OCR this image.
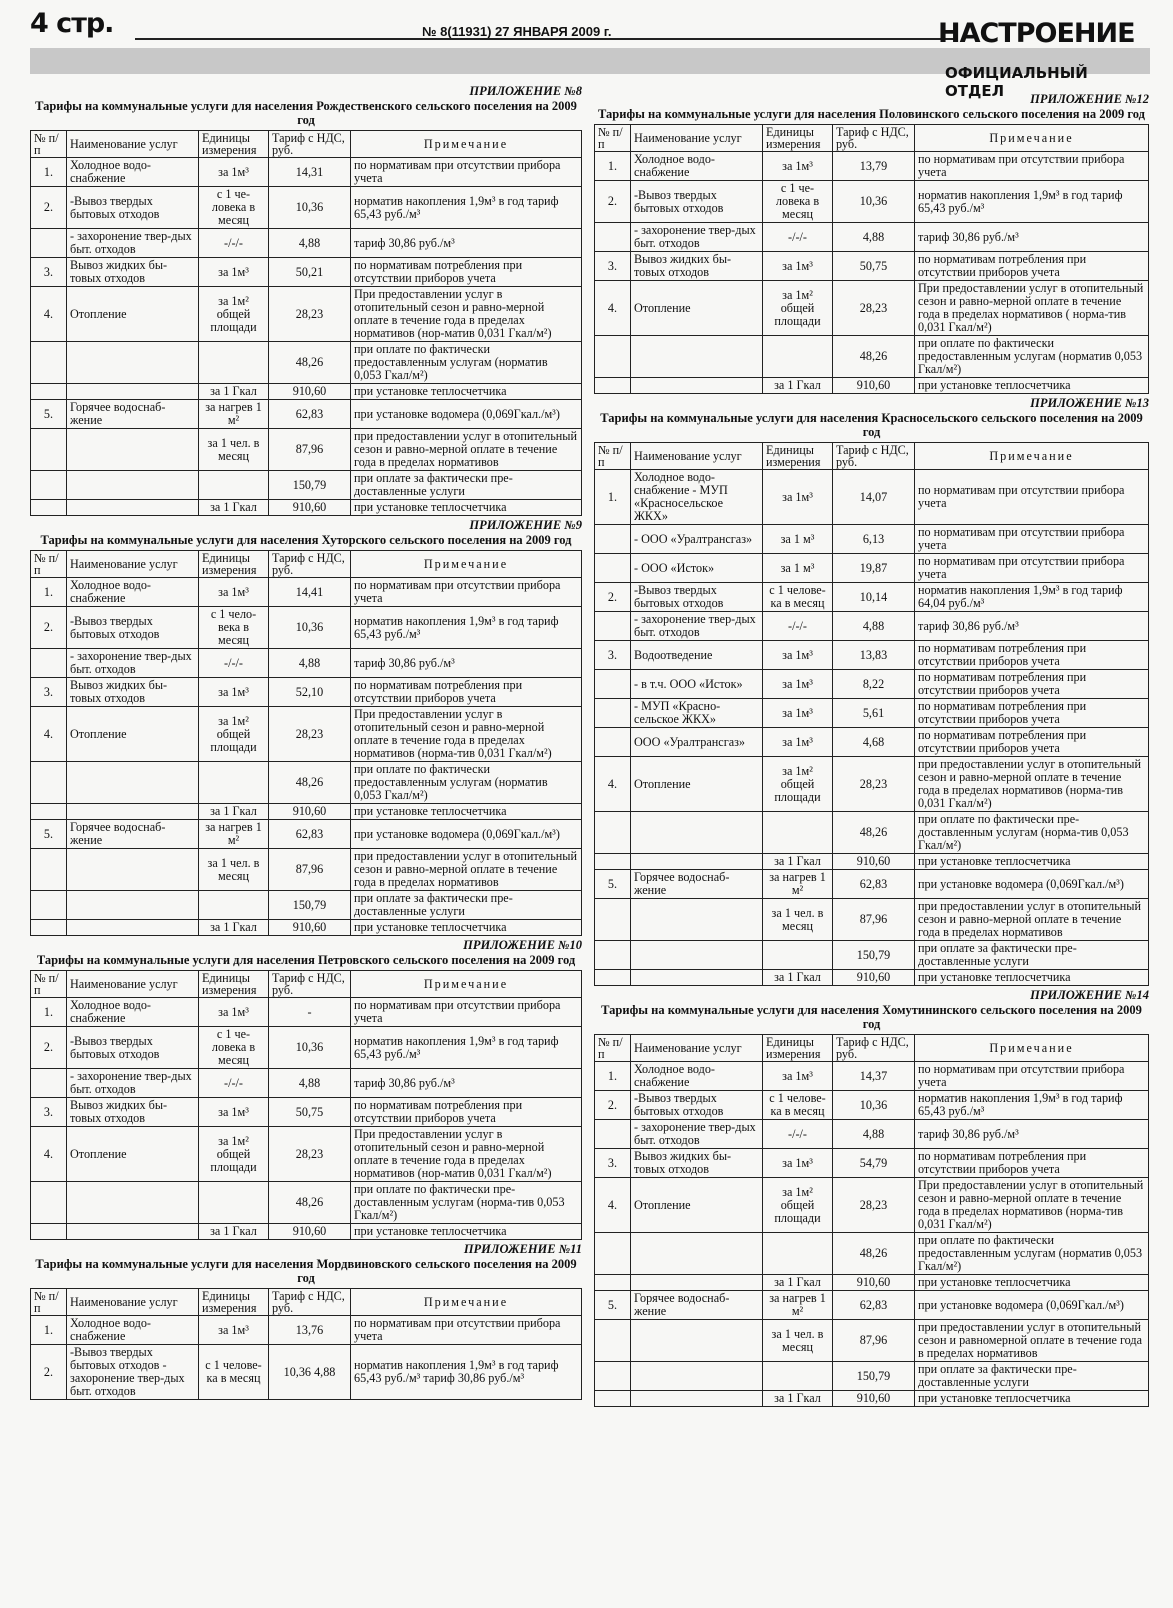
4 стр.	№ 8(11931) 27 ЯНВАРЯ 2009 г.	НАСТРОЕНИЕ
ОФИЦИАЛЬНЫЙ ОТДЕЛ
ПРИЛОЖЕНИЕ №8
Тарифы на коммунальные услуги для населения Рождественского сельского поселения на 2009 год
№ п/п	Наименование услуг	Единицы измерения	Тариф с НДС, руб.	Примечание
1.	Холодное водо-снабжение	за 1м³	14,31	по нормативам при отсутствии прибора учета
2.	-Вывоз твердых бытовых отходов	с 1 че-ловека в месяц	10,36	норматив накопления 1,9м³ в год тариф 65,43 руб./м³
	- захоронение твер-дых быт. отходов	-/-/-	4,88	тариф 30,86 руб./м³
3.	Вывоз жидких бы-товых отходов	за 1м³	50,21	по нормативам потребления при отсутствии приборов учета
4.	Отопление	за 1м² общей площади	28,23	При предоставлении услуг в отопительный сезон и равно-мерной оплате в течение года в пределах нормативов (нор-матив 0,031 Гкал/м²)
			48,26	при оплате по фактически предоставленным услугам (норматив 0,053 Гкал/м²)
		за 1 Гкал	910,60	при установке теплосчетчика
5.	Горячее водоснаб-жение	за нагрев 1 м²	62,83	при установке водомера (0,069Гкал./м³)
		за 1 чел. в месяц	87,96	при предоставлении услуг в отопительный сезон и равно-мерной оплате в течение года в пределах нормативов
			150,79	при оплате за фактически пре-доставленные услуги
		за 1 Гкал	910,60	при установке теплосчетчика
ПРИЛОЖЕНИЕ №9
Тарифы на коммунальные услуги для населения Хуторского сельского поселения на 2009 год
№ п/п	Наименование услуг	Единицы измерения	Тариф с НДС, руб.	Примечание
1.	Холодное водо-снабжение	за 1м³	14,41	по нормативам при отсутствии прибора учета
2.	-Вывоз твердых бытовых отходов	с 1 чело-века в месяц	10,36	норматив накопления 1,9м³ в год тариф 65,43 руб./м³
	- захоронение твер-дых быт. отходов	-/-/-	4,88	тариф 30,86 руб./м³
3.	Вывоз жидких бы-товых отходов	за 1м³	52,10	по нормативам потребления при отсутствии приборов учета
4.	Отопление	за 1м² общей площади	28,23	При предоставлении услуг в отопительный сезон и равно-мерной оплате в течение года в пределах нормативов (норма-тив 0,031 Гкал/м²)
			48,26	при оплате по фактически предоставленным услугам (норматив 0,053 Гкал/м²)
		за 1 Гкал	910,60	при установке теплосчетчика
5.	Горячее водоснаб-жение	за нагрев 1 м²	62,83	при установке водомера (0,069Гкал./м³)
		за 1 чел. в месяц	87,96	при предоставлении услуг в отопительный сезон и равно-мерной оплате в течение года в пределах нормативов
			150,79	при оплате за фактически пре-доставленные услуги
		за 1 Гкал	910,60	при установке теплосчетчика
ПРИЛОЖЕНИЕ №10
Тарифы на коммунальные услуги для населения Петровского сельского поселения на 2009 год
№ п/п	Наименование услуг	Единицы измерения	Тариф с НДС, руб.	Примечание
1.	Холодное водо-снабжение	за 1м³	-	по нормативам при отсутствии прибора учета
2.	-Вывоз твердых бытовых отходов	с 1 че-ловека в месяц	10,36	норматив накопления 1,9м³ в год тариф 65,43 руб./м³
	- захоронение твер-дых быт. отходов	-/-/-	4,88	тариф 30,86 руб./м³
3.	Вывоз жидких бы-товых отходов	за 1м³	50,75	по нормативам потребления при отсутствии приборов учета
4.	Отопление	за 1м² общей площади	28,23	При предоставлении услуг в отопительный сезон и равно-мерной оплате в течение года в пределах нормативов (нор-матив 0,031 Гкал/м²)
			48,26	при оплате по фактически пре-доставленным услугам (норма-тив 0,053 Гкал/м²)
		за 1 Гкал	910,60	при установке теплосчетчика
ПРИЛОЖЕНИЕ №11
Тарифы на коммунальные услуги для населения Мордвиновского сельского поселения на 2009 год
№ п/п	Наименование услуг	Единицы измерения	Тариф с НДС, руб.	Примечание
1.	Холодное водо-снабжение	за 1м³	13,76	по нормативам при отсутствии прибора учета
2.	-Вывоз твердых бытовых отходов - захоронение твер-дых быт. отходов	с 1 челове-ка в месяц	10,36 4,88	норматив накопления 1,9м³ в год тариф 65,43 руб./м³ тариф 30,86 руб./м³
ПРИЛОЖЕНИЕ №12
Тарифы на коммунальные услуги для населения Половинского сельского поселения на 2009 год
№ п/п	Наименование услуг	Единицы измерения	Тариф с НДС, руб.	Примечание
1.	Холодное водо-снабжение	за 1м³	13,79	по нормативам при отсутствии прибора учета
2.	-Вывоз твердых бытовых отходов	с 1 че-ловека в месяц	10,36	норматив накопления 1,9м³ в год тариф 65,43 руб./м³
	- захоронение твер-дых быт. отходов	-/-/-	4,88	тариф 30,86 руб./м³
3.	Вывоз жидких бы-товых отходов	за 1м³	50,75	по нормативам потребления при отсутствии приборов учета
4.	Отопление	за 1м² общей площади	28,23	При предоставлении услуг в отопительный сезон и равно-мерной оплате в течение года в пределах нормативов ( норма-тив 0,031 Гкал/м²)
			48,26	при оплате по фактически предоставленным услугам (норматив 0,053 Гкал/м²)
		за 1 Гкал	910,60	при установке теплосчетчика
ПРИЛОЖЕНИЕ №13
Тарифы на коммунальные услуги для населения Красносельского сельского поселения на 2009 год
№ п/п	Наименование услуг	Единицы измерения	Тариф с НДС, руб.	Примечание
1.	Холодное водо-снабжение - МУП «Красносельское ЖКХ»	за 1м³	14,07	по нормативам при отсутствии прибора учета
	- ООО «Уралтрансгаз»	за 1 м³	6,13	по нормативам при отсутствии прибора учета
	- ООО «Исток»	за 1 м³	19,87	по нормативам при отсутствии прибора учета
2.	-Вывоз твердых бытовых отходов	с 1 челове-ка в месяц	10,14	норматив накопления 1,9м³ в год тариф 64,04 руб./м³
	- захоронение твер-дых быт. отходов	-/-/-	4,88	тариф 30,86 руб./м³
3.	Водоотведение	за 1м³	13,83	по нормативам потребления при отсутствии приборов учета
	- в т.ч. ООО «Исток»	за 1м³	8,22	по нормативам потребления при отсутствии приборов учета
	- МУП «Красно-сельское ЖКХ»	за 1м³	5,61	по нормативам потребления при отсутствии приборов учета
	ООО «Уралтрансгаз»	за 1м³	4,68	по нормативам потребления при отсутствии приборов учета
4.	Отопление	за 1м² общей площади	28,23	при предоставлении услуг в отопительный сезон и равно-мерной оплате в течение года в пределах нормативов (норма-тив 0,031 Гкал/м²)
			48,26	при оплате по фактически пре-доставленным услугам (норма-тив 0,053 Гкал/м²)
		за 1 Гкал	910,60	при установке теплосчетчика
5.	Горячее водоснаб-жение	за нагрев 1 м²	62,83	при установке водомера (0,069Гкал./м³)
		за 1 чел. в месяц	87,96	при предоставлении услуг в отопительный сезон и равно-мерной оплате в течение года в пределах нормативов
			150,79	при оплате за фактически пре-доставленные услуги
		за 1 Гкал	910,60	при установке теплосчетчика
ПРИЛОЖЕНИЕ №14
Тарифы на коммунальные услуги для населения Хомутининского сельского поселения на 2009 год
№ п/п	Наименование услуг	Единицы измерения	Тариф с НДС, руб.	Примечание
1.	Холодное водо-снабжение	за 1м³	14,37	по нормативам при отсутствии прибора учета
2.	-Вывоз твердых бытовых отходов	с 1 челове-ка в месяц	10,36	норматив накопления 1,9м³ в год тариф 65,43 руб./м³
	- захоронение твер-дых быт. отходов	-/-/-	4,88	тариф 30,86 руб./м³
3.	Вывоз жидких бы-товых отходов	за 1м³	54,79	по нормативам потребления при отсутствии приборов учета
4.	Отопление	за 1м² общей площади	28,23	При предоставлении услуг в отопительный сезон и равно-мерной оплате в течение года в пределах нормативов (норма-тив 0,031 Гкал/м²)
			48,26	при оплате по фактически предоставленным услугам (норматив 0,053 Гкал/м²)
		за 1 Гкал	910,60	при установке теплосчетчика
5.	Горячее водоснаб-жение	за нагрев 1 м²	62,83	при установке водомера (0,069Гкал./м³)
		за 1 чел. в месяц	87,96	при предоставлении услуг в отопительный сезон и равномерной оплате в течение года в пределах нормативов
			150,79	при оплате за фактически пре-доставленные услуги
		за 1 Гкал	910,60	при установке теплосчетчика
